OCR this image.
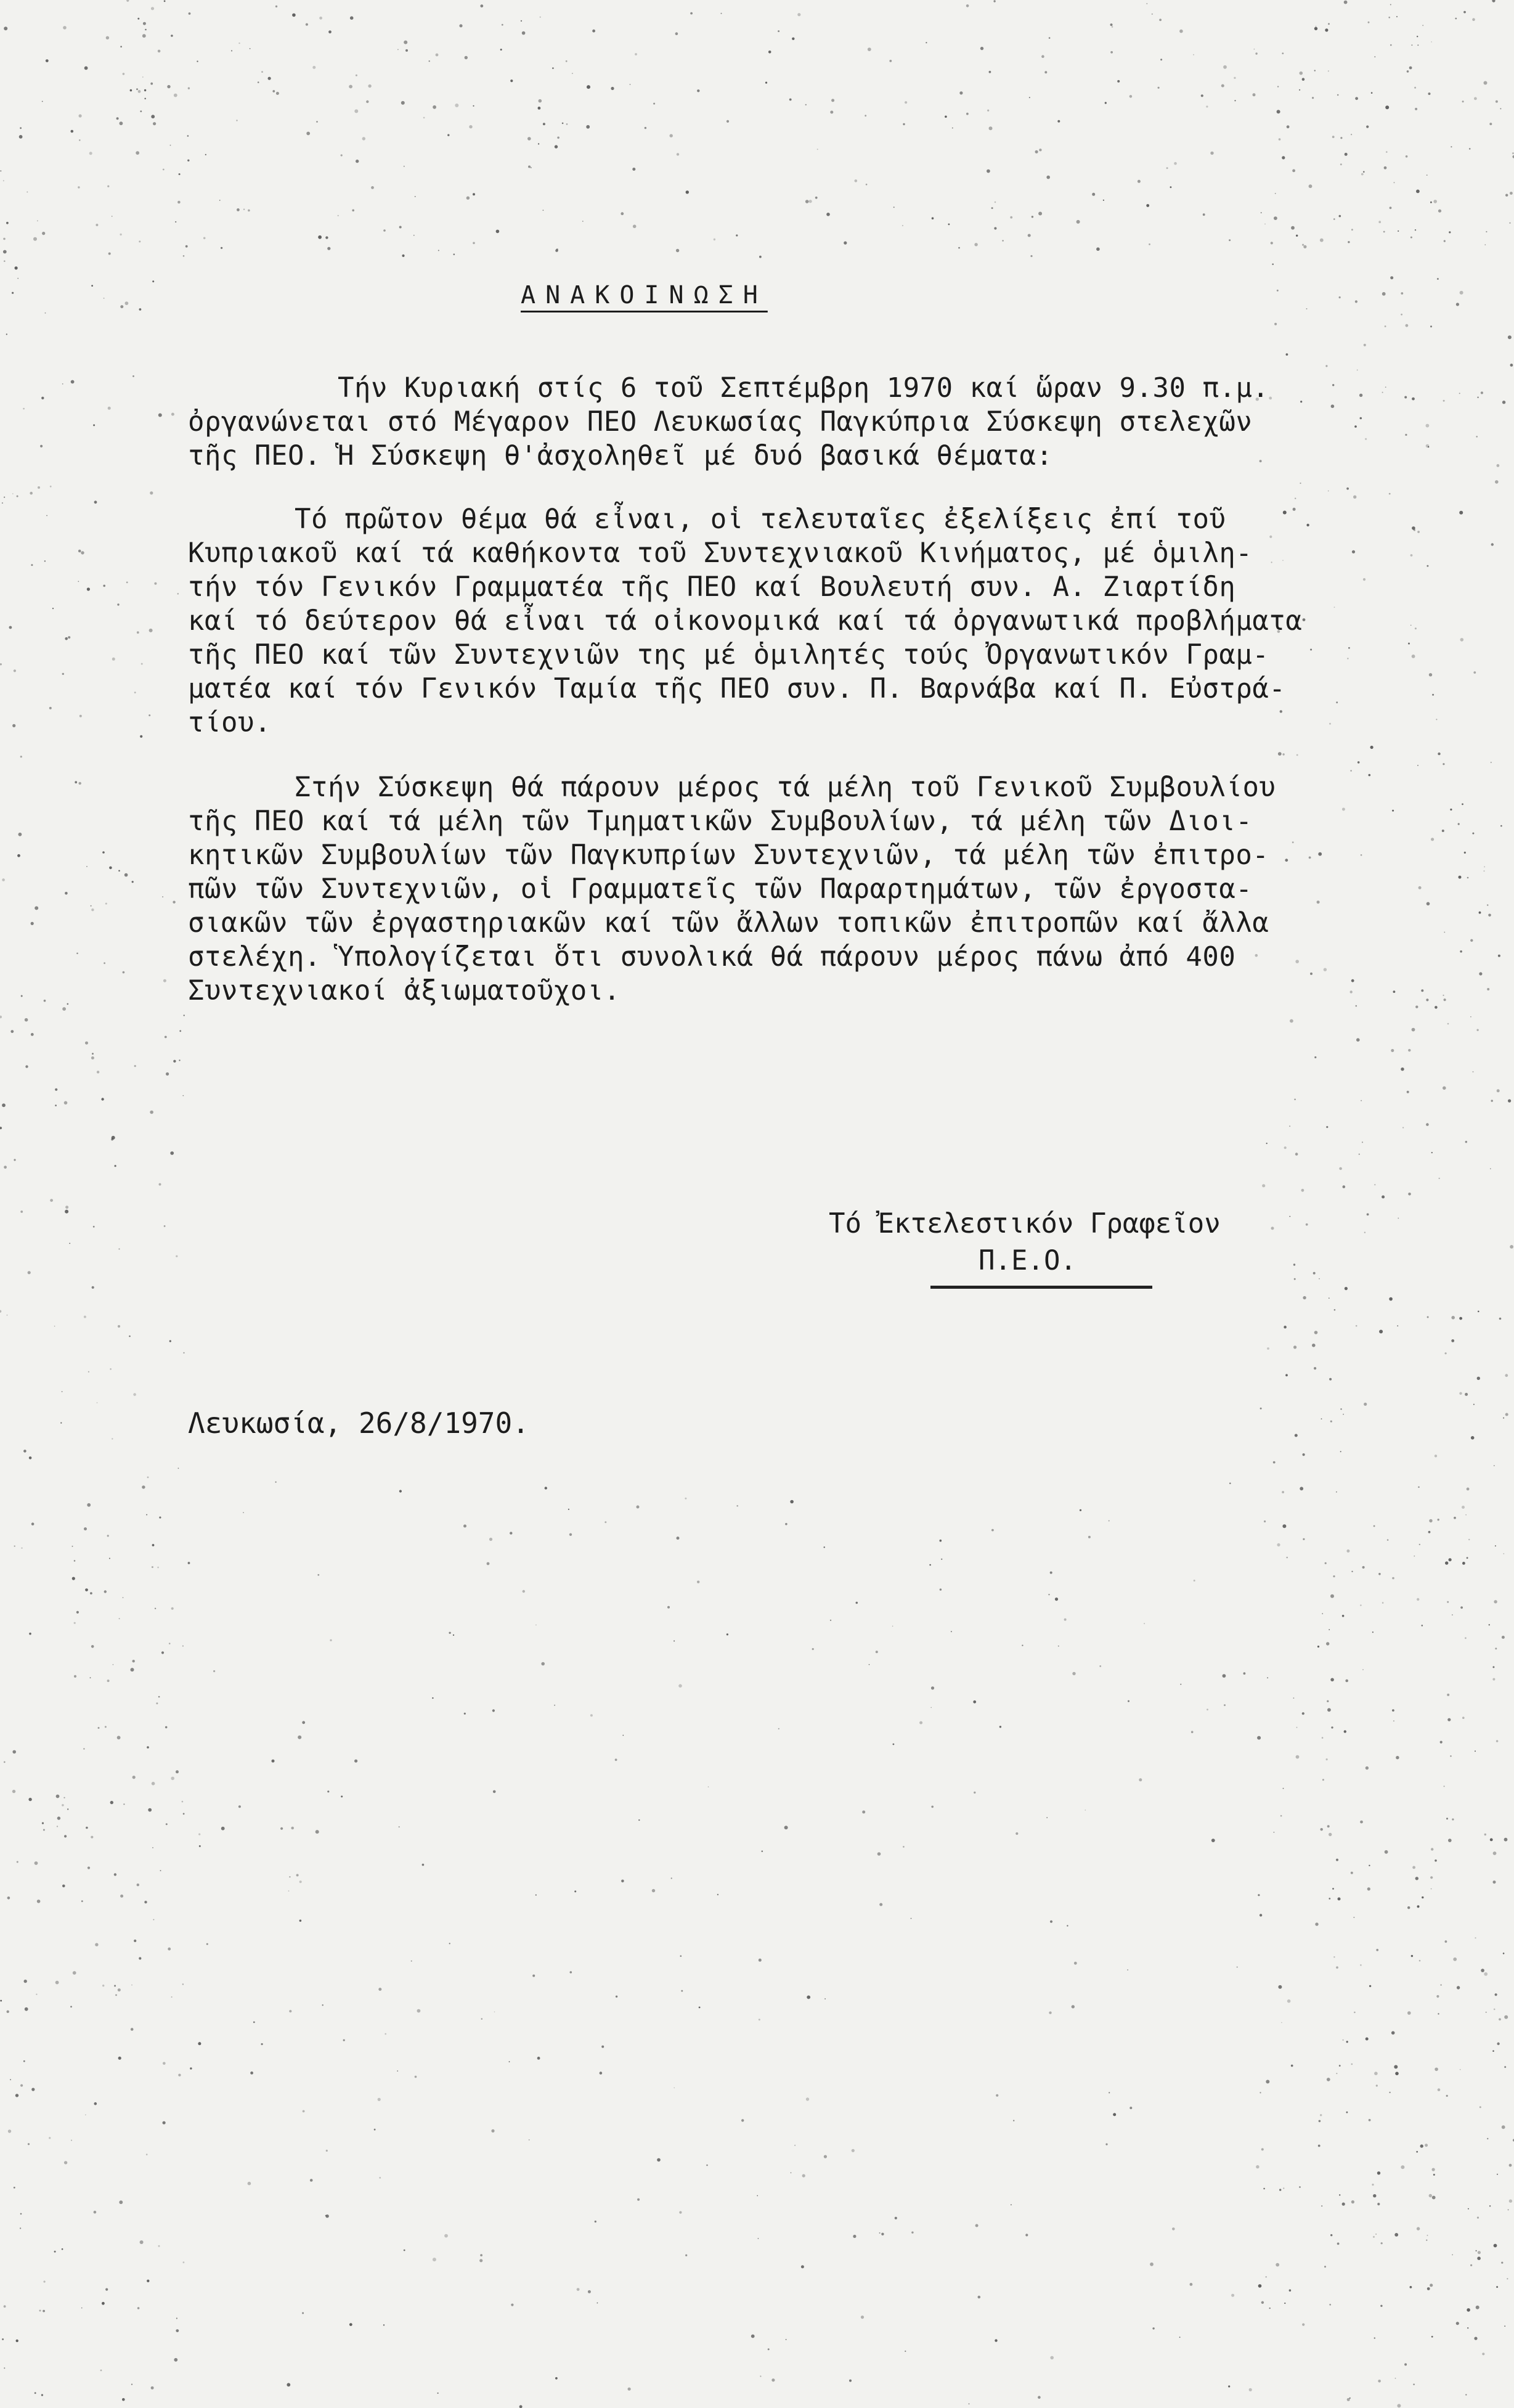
ΑΝΑΚΟΙΝΩΣΗ
Τήν Κυριακή στίς 6 τοῦ Σεπτέμβρη 1970 καί ὥραν 9.30 π.μ.
ὀργανώνεται στό Μέγαρον ΠΕΟ Λευκωσίας Παγκύπρια Σύσκεψη στελεχῶν
τῆς ΠΕΟ. Ἡ Σύσκεψη θ'ἀσχοληθεῖ μέ δυό βασικά θέματα:
Τό πρῶτον θέμα θά εἶναι, οἱ τελευταῖες ἐξελίξεις ἐπί τοῦ
Κυπριακοῦ καί τά καθήκοντα τοῦ Συντεχνιακοῦ Κινήματος, μέ ὁμιλη-
τήν τόν Γενικόν Γραμματέα τῆς ΠΕΟ καί Βουλευτή συν. Α. Ζιαρτίδη
καί τό δεύτερον θά εἶναι τά οἰκονομικά καί τά ὀργανωτικά προβλήματα
τῆς ΠΕΟ καί τῶν Συντεχνιῶν της μέ ὁμιλητές τούς Ὀργανωτικόν Γραμ-
ματέα καί τόν Γενικόν Ταμία τῆς ΠΕΟ συν. Π. Βαρνάβα καί Π. Εὐστρά-
τίου.
Στήν Σύσκεψη θά πάρουν μέρος τά μέλη τοῦ Γενικοῦ Συμβουλίου
τῆς ΠΕΟ καί τά μέλη τῶν Τμηματικῶν Συμβουλίων, τά μέλη τῶν Διοι-
κητικῶν Συμβουλίων τῶν Παγκυπρίων Συντεχνιῶν, τά μέλη τῶν ἐπιτρο-
πῶν τῶν Συντεχνιῶν, οἱ Γραμματεῖς τῶν Παραρτημάτων, τῶν ἐργοστα-
σιακῶν τῶν ἐργαστηριακῶν καί τῶν ἄλλων τοπικῶν ἐπιτροπῶν καί ἄλλα
στελέχη. Ὑπολογίζεται ὅτι συνολικά θά πάρουν μέρος πάνω ἀπό 400
Συντεχνιακοί ἀξιωματοῦχοι.
Τό Ἐκτελεστικόν Γραφεῖον
Π.Ε.Ο.
Λευκωσία, 26/8/1970.
